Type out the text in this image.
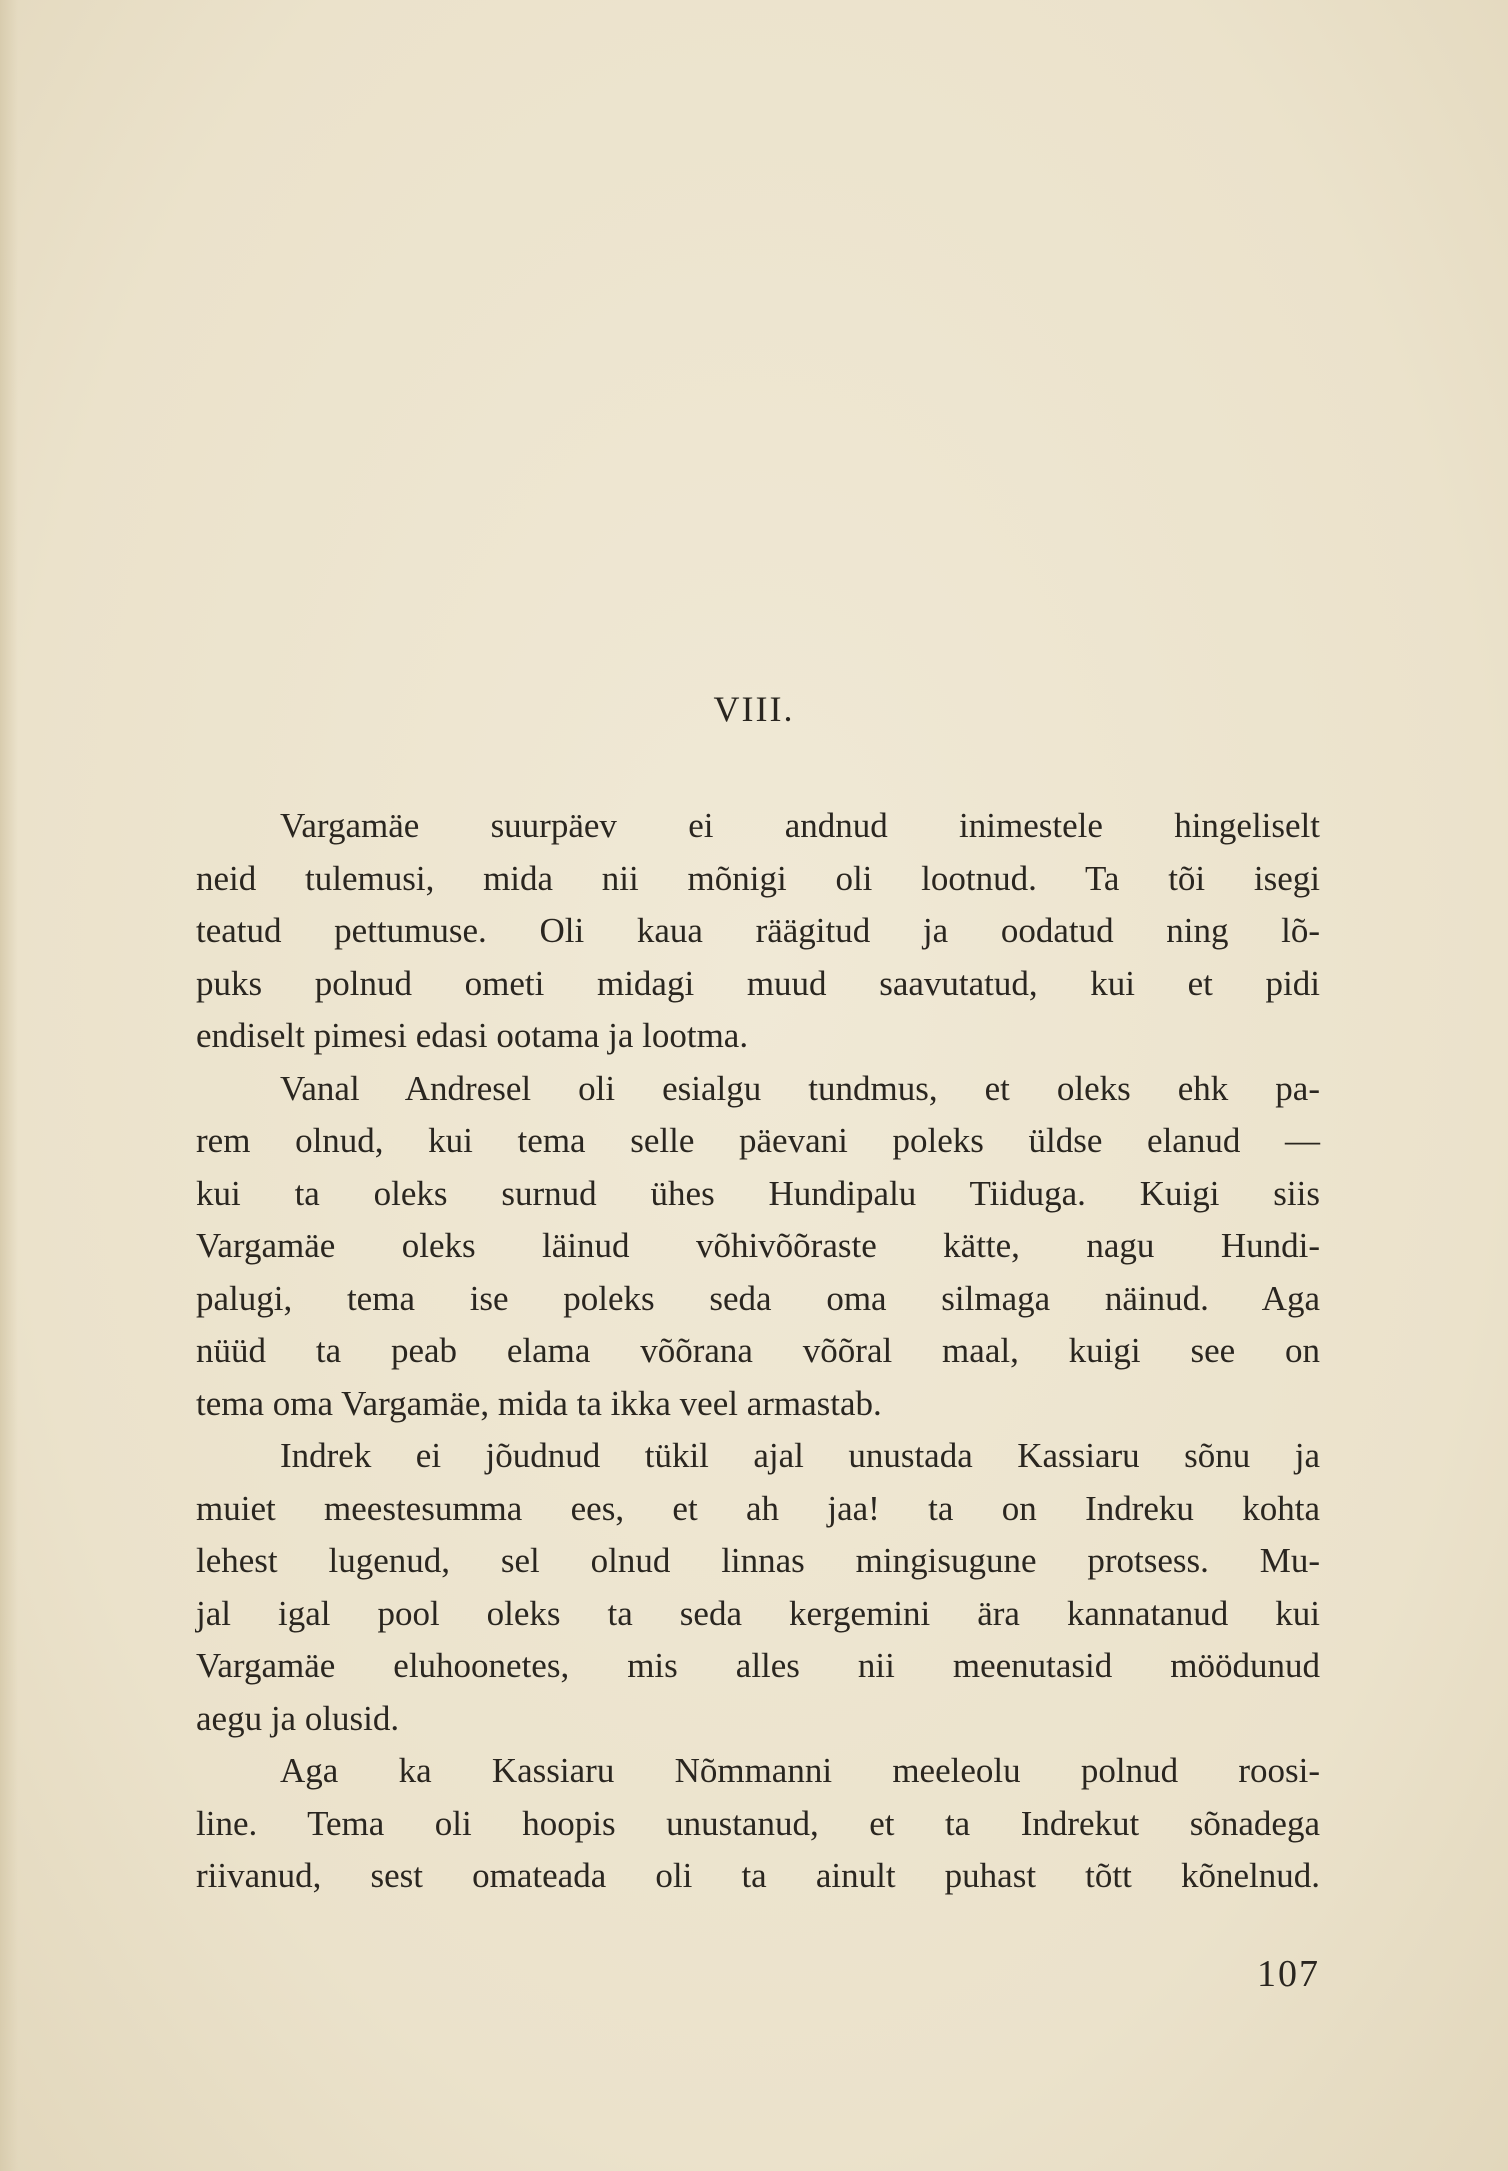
VIII.
Vargamäe suurpäev ei andnud inimestele hingeliselt
neid tulemusi, mida nii mõnigi oli lootnud. Ta tõi isegi
teatud pettumuse. Oli kaua räägitud ja oodatud ning lõ-
puks polnud ometi midagi muud saavutatud, kui et pidi
endiselt pimesi edasi ootama ja lootma.
Vanal Andresel oli esialgu tundmus, et oleks ehk pa-
rem olnud, kui tema selle päevani poleks üldse elanud —
kui ta oleks surnud ühes Hundipalu Tiiduga. Kuigi siis
Vargamäe oleks läinud võhivõõraste kätte, nagu Hundi-
palugi, tema ise poleks seda oma silmaga näinud. Aga
nüüd ta peab elama võõrana võõral maal, kuigi see on
tema oma Vargamäe, mida ta ikka veel armastab.
Indrek ei jõudnud tükil ajal unustada Kassiaru sõnu ja
muiet meestesumma ees, et ah jaa! ta on Indreku kohta
lehest lugenud, sel olnud linnas mingisugune protsess. Mu-
jal igal pool oleks ta seda kergemini ära kannatanud kui
Vargamäe eluhoonetes, mis alles nii meenutasid möödunud
aegu ja olusid.
Aga ka Kassiaru Nõmmanni meeleolu polnud roosi-
line. Tema oli hoopis unustanud, et ta Indrekut sõnadega
riivanud, sest omateada oli ta ainult puhast tõtt kõnelnud.
107
